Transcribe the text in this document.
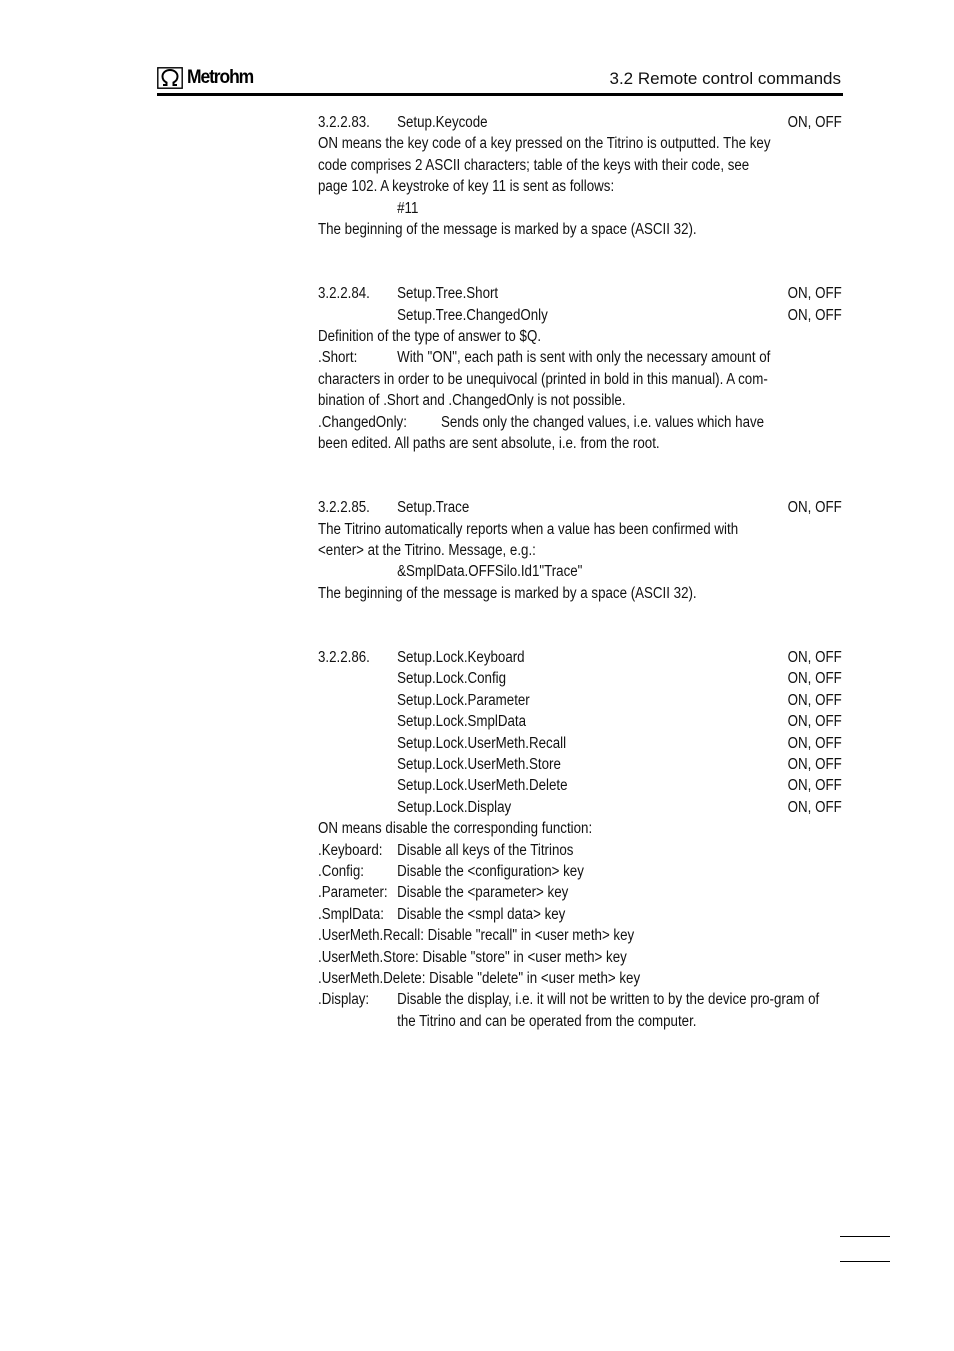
Metrohm	3.2 Remote control commands
3.2.2.83. Setup.Keycode	ON, OFF
ON means the key code of a key pressed on the Titrino is outputted. The key
code comprises 2 ASCII characters; table of the keys with their code, see
page 102. A keystroke of key 11 is sent as follows:
#11
The beginning of the message is marked by a space (ASCII 32).
3.2.2.84. Setup.Tree.Short	ON, OFF
Setup.Tree.ChangedOnly	ON, OFF
Definition of the type of answer to $Q.
.Short:	With "ON", each path is sent with only the necessary amount of
characters in order to be unequivocal (printed in bold in this manual). A com-
bination of .Short and .ChangedOnly is not possible.
.ChangedOnly: Sends only the changed values, i.e. values which have
been edited. All paths are sent absolute, i.e. from the root.
3.2.2.85. Setup.Trace	ON, OFF
The Titrino automatically reports when a value has been confirmed with
<enter> at the Titrino. Message, e.g.:
&SmplData.OFFSilo.Id1"Trace"
The beginning of the message is marked by a space (ASCII 32).
3.2.2.86. Setup.Lock.Keyboard	ON, OFF
Setup.Lock.Config	ON, OFF
Setup.Lock.Parameter	ON, OFF
Setup.Lock.SmplData	ON, OFF
Setup.Lock.UserMeth.Recall	ON, OFF
Setup.Lock.UserMeth.Store	ON, OFF
Setup.Lock.UserMeth.Delete	ON, OFF
Setup.Lock.Display	ON, OFF
ON means disable the corresponding function:
.Keyboard: Disable all keys of the Titrinos
.Config: Disable the <configuration> key
.Parameter: Disable the <parameter> key
.SmplData: Disable the <smpl data> key
.UserMeth.Recall: Disable "recall" in <user meth> key
.UserMeth.Store: Disable "store" in <user meth> key
.UserMeth.Delete: Disable "delete" in <user meth> key
.Display:	Disable the display, i.e. it will not be written to by the device pro-gram of the Titrino and can be operated from the computer.
